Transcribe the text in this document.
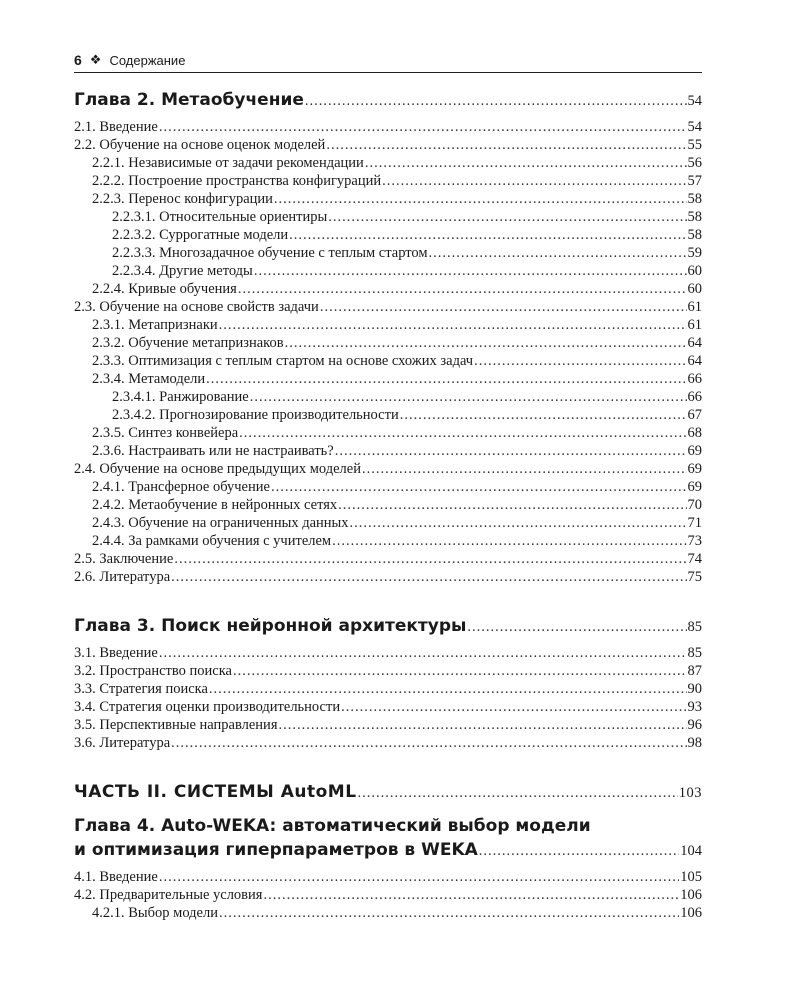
6 ❖ Содержание
Глава 2. Метаобучение .....	54
2.1. Введение .....	54
2.2. Обучение на основе оценок моделей .....	55
2.2.1. Независимые от задачи рекомендации .....	56
2.2.2. Построение пространства конфигураций .....	57
2.2.3. Перенос конфигурации .....	58
2.2.3.1. Относительные ориентиры .....	58
2.2.3.2. Суррогатные модели .....	58
2.2.3.3. Многозадачное обучение с теплым стартом .....	59
2.2.3.4. Другие методы .....	60
2.2.4. Кривые обучения .....	60
2.3. Обучение на основе свойств задачи .....	61
2.3.1. Метапризнаки .....	61
2.3.2. Обучение метапризнаков .....	64
2.3.3. Оптимизация с теплым стартом на основе схожих задач .....	64
2.3.4. Метамодели .....	66
2.3.4.1. Ранжирование .....	66
2.3.4.2. Прогнозирование производительности .....	67
2.3.5. Синтез конвейера .....	68
2.3.6. Настраивать или не настраивать? .....	69
2.4. Обучение на основе предыдущих моделей .....	69
2.4.1. Трансферное обучение .....	69
2.4.2. Метаобучение в нейронных сетях .....	70
2.4.3. Обучение на ограниченных данных .....	71
2.4.4. За рамками обучения с учителем .....	73
2.5. Заключение .....	74
2.6. Литература .....	75
Глава 3. Поиск нейронной архитектуры .....	85
3.1. Введение .....	85
3.2. Пространство поиска .....	87
3.3. Стратегия поиска .....	90
3.4. Стратегия оценки производительности .....	93
3.5. Перспективные направления .....	96
3.6. Литература .....	98
ЧАСТЬ II. СИСТЕМЫ AutoML .....	103
Глава 4. Auto-WEKA: автоматический выбор модели
и оптимизация гиперпараметров в WEKA .....	104
4.1. Введение .....	105
4.2. Предварительные условия .....	106
4.2.1. Выбор модели .....	106
